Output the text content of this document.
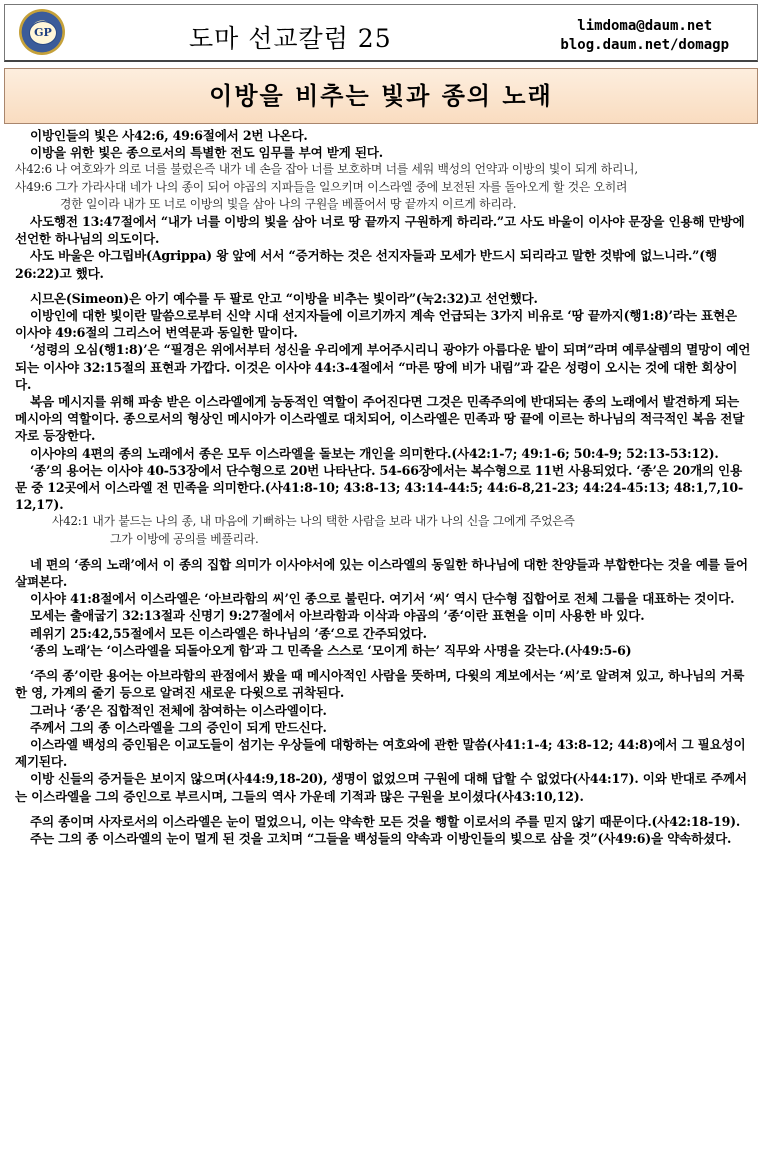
GP	도마 선교칼럼 25	limdoma@daum.net
blog.daum.net/domagp
이방을 비추는 빛과 종의 노래

이방인들의 빛은 사42:6, 49:6절에서 2번 나온다.

이방을 위한 빛은 종으로서의 특별한 전도 임무를 부여 받게 된다.

사42:6 나 여호와가 의로 너를 불렀은즉 내가 네 손을 잡아 너를 보호하며 너를 세워 백성의 언약과 이방의 빛이 되게 하리니,

사49:6 그가 가라사대 네가 나의 종이 되어 야곱의 지파들을 일으키며 이스라엘 중에 보전된 자를 돌아오게 할 것은 오히려

경한 일이라 내가 또 너로 이방의 빛을 삼아 나의 구원을 베풀어서 땅 끝까지 이르게 하리라.

사도행전 13:47절에서 “내가 너를 이방의 빛을 삼아 너로 땅 끝까지 구원하게 하리라.”고 사도 바울이 이사야 문장을 인용해 만방에 선언한 하나님의 의도이다.

사도 바울은 아그립바(Agrippa) 왕 앞에 서서 “증거하는 것은 선지자들과 모세가 반드시 되리라고 말한 것밖에 없느니라.”(행26:22)고 했다.

시므온(Simeon)은 아기 예수를 두 팔로 안고 “이방을 비추는 빛이라”(눅2:32)고 선언했다.

이방인에 대한 빛이란 말씀으로부터 신약 시대 선지자들에 이르기까지 계속 언급되는 3가지 비유로 ‘땅 끝까지(행1:8)’라는 표현은 이사야 49:6절의 그리스어 번역문과 동일한 말이다.

‘성령의 오심(행1:8)’은 “필경은 위에서부터 성신을 우리에게 부어주시리니 광야가 아름다운 밭이 되며”라며 예루살렘의 멸망이 예언되는 이사야 32:15절의 표현과 가깝다. 이것은 이사야 44:3-4절에서 “마른 땅에 비가 내림”과 같은 성령이 오시는 것에 대한 회상이다.

복음 메시지를 위해 파송 받은 이스라엘에게 능동적인 역할이 주어진다면 그것은 민족주의에 반대되는 종의 노래에서 발견하게 되는 메시아의 역할이다. 종으로서의 형상인 메시아가 이스라엘로 대치되어, 이스라엘은 민족과 땅 끝에 이르는 하나님의 적극적인 복음 전달자로 등장한다.

이사야의 4편의 종의 노래에서 종은 모두 이스라엘을 돌보는 개인을 의미한다.(사42:1-7; 49:1-6; 50:4-9; 52:13-53:12).

‘종’의 용어는 이사야 40-53장에서 단수형으로 20번 나타난다. 54-66장에서는 복수형으로 11번 사용되었다. ‘종’은 20개의 인용문 중 12곳에서 이스라엘 전 민족을 의미한다.(사41:8-10; 43:8-13; 43:14-44:5; 44:6-8,21-23; 44:24-45:13; 48:1,7,10-12,17).

사42:1 내가 붙드는 나의 종, 내 마음에 기뻐하는 나의 택한 사람을 보라 내가 나의 신을 그에게 주었은즉

그가 이방에 공의를 베풀리라.

네 편의 ‘종의 노래’에서 이 종의 집합 의미가 이사야서에 있는 이스라엘의 동일한 하나님에 대한 찬양들과 부합한다는 것을 예를 들어 살펴본다.

이사야 41:8절에서 이스라엘은 ‘아브라함의 씨’인 종으로 불린다. 여기서 ‘씨‘ 역시 단수형 집합어로 전체 그룹을 대표하는 것이다.

모세는 출애굽기 32:13절과 신명기 9:27절에서 아브라함과 이삭과 야곱의 ’종‘이란 표현을 이미 사용한 바 있다.

레위기 25:42,55절에서 모든 이스라엘은 하나님의 ’종‘으로 간주되었다.

‘종의 노래’는 ‘이스라엘을 되돌아오게 함’과 그 민족을 스스로 ‘모이게 하는’ 직무와 사명을 갖는다.(사49:5-6)

‘주의 종’이란 용어는 아브라함의 관점에서 봤을 때 메시아적인 사람을 뜻하며, 다윗의 계보에서는 ‘씨’로 알려져 있고, 하나님의 거룩한 영, 가계의 줄기 등으로 알려진 새로운 다윗으로 귀착된다.

그러나 ‘종’은 집합적인 전체에 참여하는 이스라엘이다.

주께서 그의 종 이스라엘을 그의 증인이 되게 만드신다.

이스라엘 백성의 증인됨은 이교도들이 섬기는 우상들에 대항하는 여호와에 관한 말씀(사41:1-4; 43:8-12; 44:8)에서 그 필요성이 제기된다.

이방 신들의 증거들은 보이지 않으며(사44:9,18-20), 생명이 없었으며 구원에 대해 답할 수 없었다(사44:17). 이와 반대로 주께서는 이스라엘을 그의 증인으로 부르시며, 그들의 역사 가운데 기적과 많은 구원을 보이셨다(사43:10,12).

주의 종이며 사자로서의 이스라엘은 눈이 멀었으니, 이는 약속한 모든 것을 행할 이로서의 주를 믿지 않기 때문이다.(사42:18-19).

주는 그의 종 이스라엘의 눈이 멀게 된 것을 고치며 “그들을 백성들의 약속과 이방인들의 빛으로 삼을 것”(사49:6)을 약속하셨다.
